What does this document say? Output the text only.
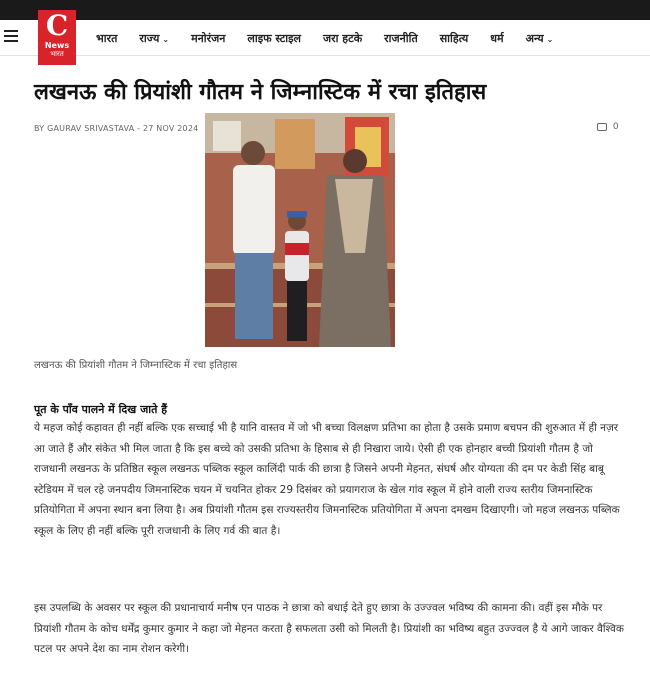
भारत राज्य ⌄ मनोरंजन लाइफ स्टाइल जरा हटके राजनीति साहित्य धर्म अन्य ⌄
C
News
भारत
लखनऊ की प्रियांशी गौतम ने जिम्नास्टिक में रचा इतिहास
BY GAURAV SRIVASTAVA - 27 NOV 2024	0
लखनऊ की प्रियांशी गौतम ने जिम्नास्टिक में रचा इतिहास
पूत के पाँव पालने में दिख जाते हैं

ये महज कोई कहावत ही नहीं बल्कि एक सच्चाई भी है यानि वास्तव में जो भी बच्चा विलक्षण प्रतिभा का होता है उसके प्रमाण बचपन की शुरुआत में ही नज़र आ जाते हैं और संकेत भी मिल जाता है कि इस बच्चे को उसकी प्रतिभा के हिसाब से ही निखारा जाये। ऐसी ही एक होनहार बच्ची प्रियांशी गौतम है जो राजधानी लखनऊ के प्रतिष्ठित स्कूल लखनऊ पब्लिक स्कूल कालिंदी पार्क की छात्रा है जिसने अपनी मेहनत, संघर्ष और योग्यता की दम पर केडी सिंह बाबू स्टेडियम में चल रहे जनपदीय जिमनास्टिक चयन में चयनित होकर 29 दिसंबर को प्रयागराज के खेल गांव स्कूल में होने वाली राज्य स्तरीय जिमनास्टिक प्रतियोगिता में अपना स्थान बना लिया है। अब प्रियांशी गौतम इस राज्यस्तरीय जिमनास्टिक प्रतियोगिता में अपना दमखम दिखाएगी। जो महज लखनऊ पब्लिक स्कूल के लिए ही नहीं बल्कि पूरी राजधानी के लिए गर्व की बात है।

इस उपलब्धि के अवसर पर स्कूल की प्रधानाचार्य मनीष एन पाठक ने छात्रा को बधाई देते हुए छात्रा के उज्ज्वल भविष्य की कामना की। वहीं इस मौके पर प्रियांशी गौतम के कोच धर्मेंद्र कुमार कुमार ने कहा जो मेहनत करता है सफलता उसी को मिलती है। प्रियांशी का भविष्य बहुत उज्ज्वल है ये आगे जाकर वैश्विक पटल पर अपने देश का नाम रोशन करेगी।
